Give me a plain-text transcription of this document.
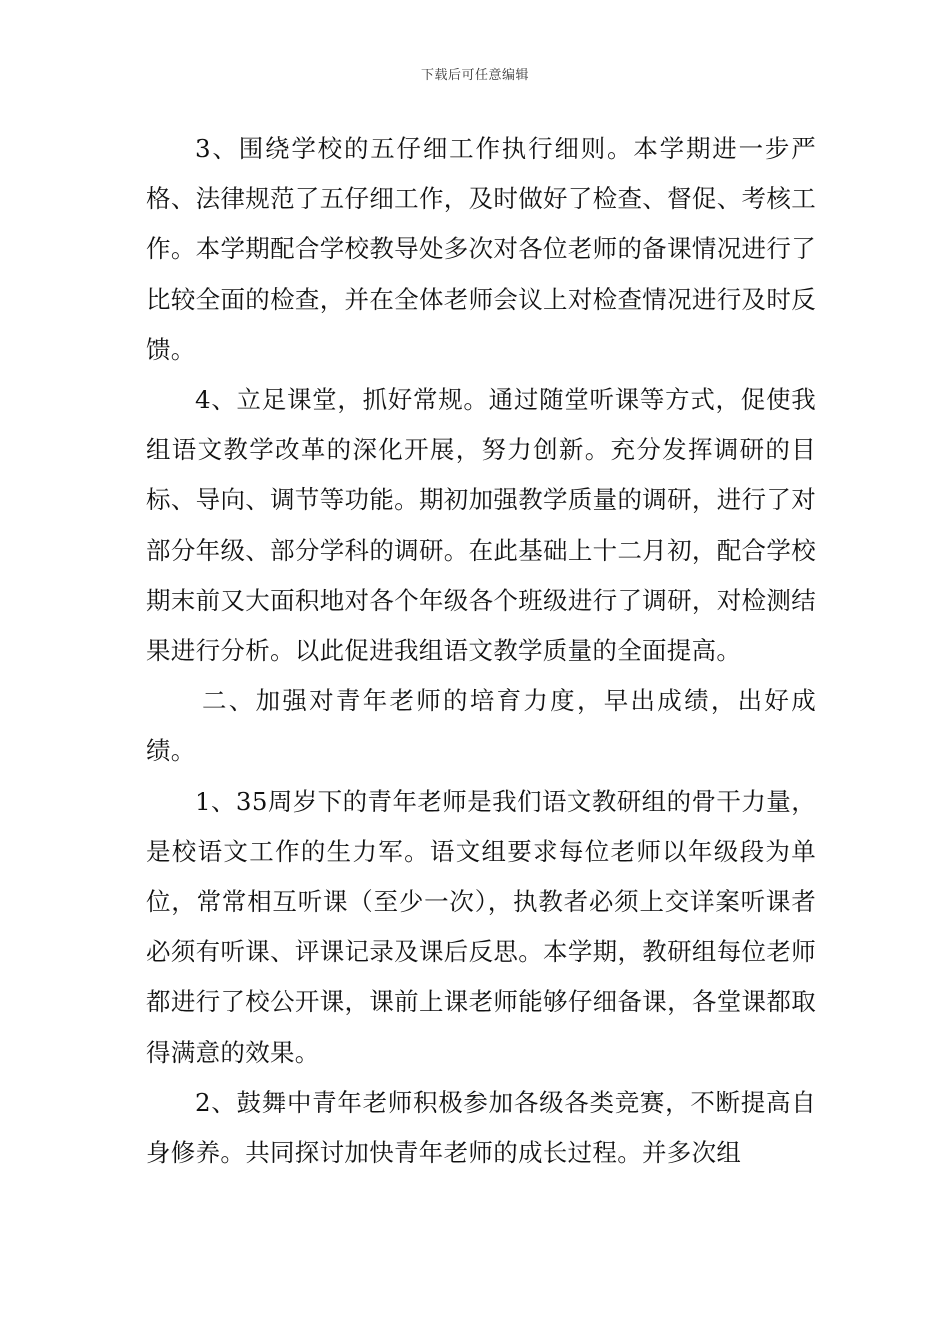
下载后可任意编辑

3、围绕学校的五仔细工作执行细则。本学期进一步严格、法律规范了五仔细工作，及时做好了检查、督促、考核工作。本学期配合学校教导处多次对各位老师的备课情况进行了比较全面的检查，并在全体老师会议上对检查情况进行及时反馈。

4、立足课堂，抓好常规。通过随堂听课等方式，促使我组语文教学改革的深化开展，努力创新。充分发挥调研的目标、导向、调节等功能。期初加强教学质量的调研，进行了对部分年级、部分学科的调研。在此基础上十二月初，配合学校期末前又大面积地对各个年级各个班级进行了调研，对检测结果进行分析。以此促进我组语文教学质量的全面提高。

二、加强对青年老师的培育力度，早出成绩，出好成绩。

1、35周岁下的青年老师是我们语文教研组的骨干力量，是校语文工作的生力军。语文组要求每位老师以年级段为单位，常常相互听课（至少一次），执教者必须上交详案听课者必须有听课、评课记录及课后反思。本学期，教研组每位老师都进行了校公开课，课前上课老师能够仔细备课，各堂课都取得满意的效果。

2、鼓舞中青年老师积极参加各级各类竞赛，不断提高自身修养。共同探讨加快青年老师的成长过程。并多次组
